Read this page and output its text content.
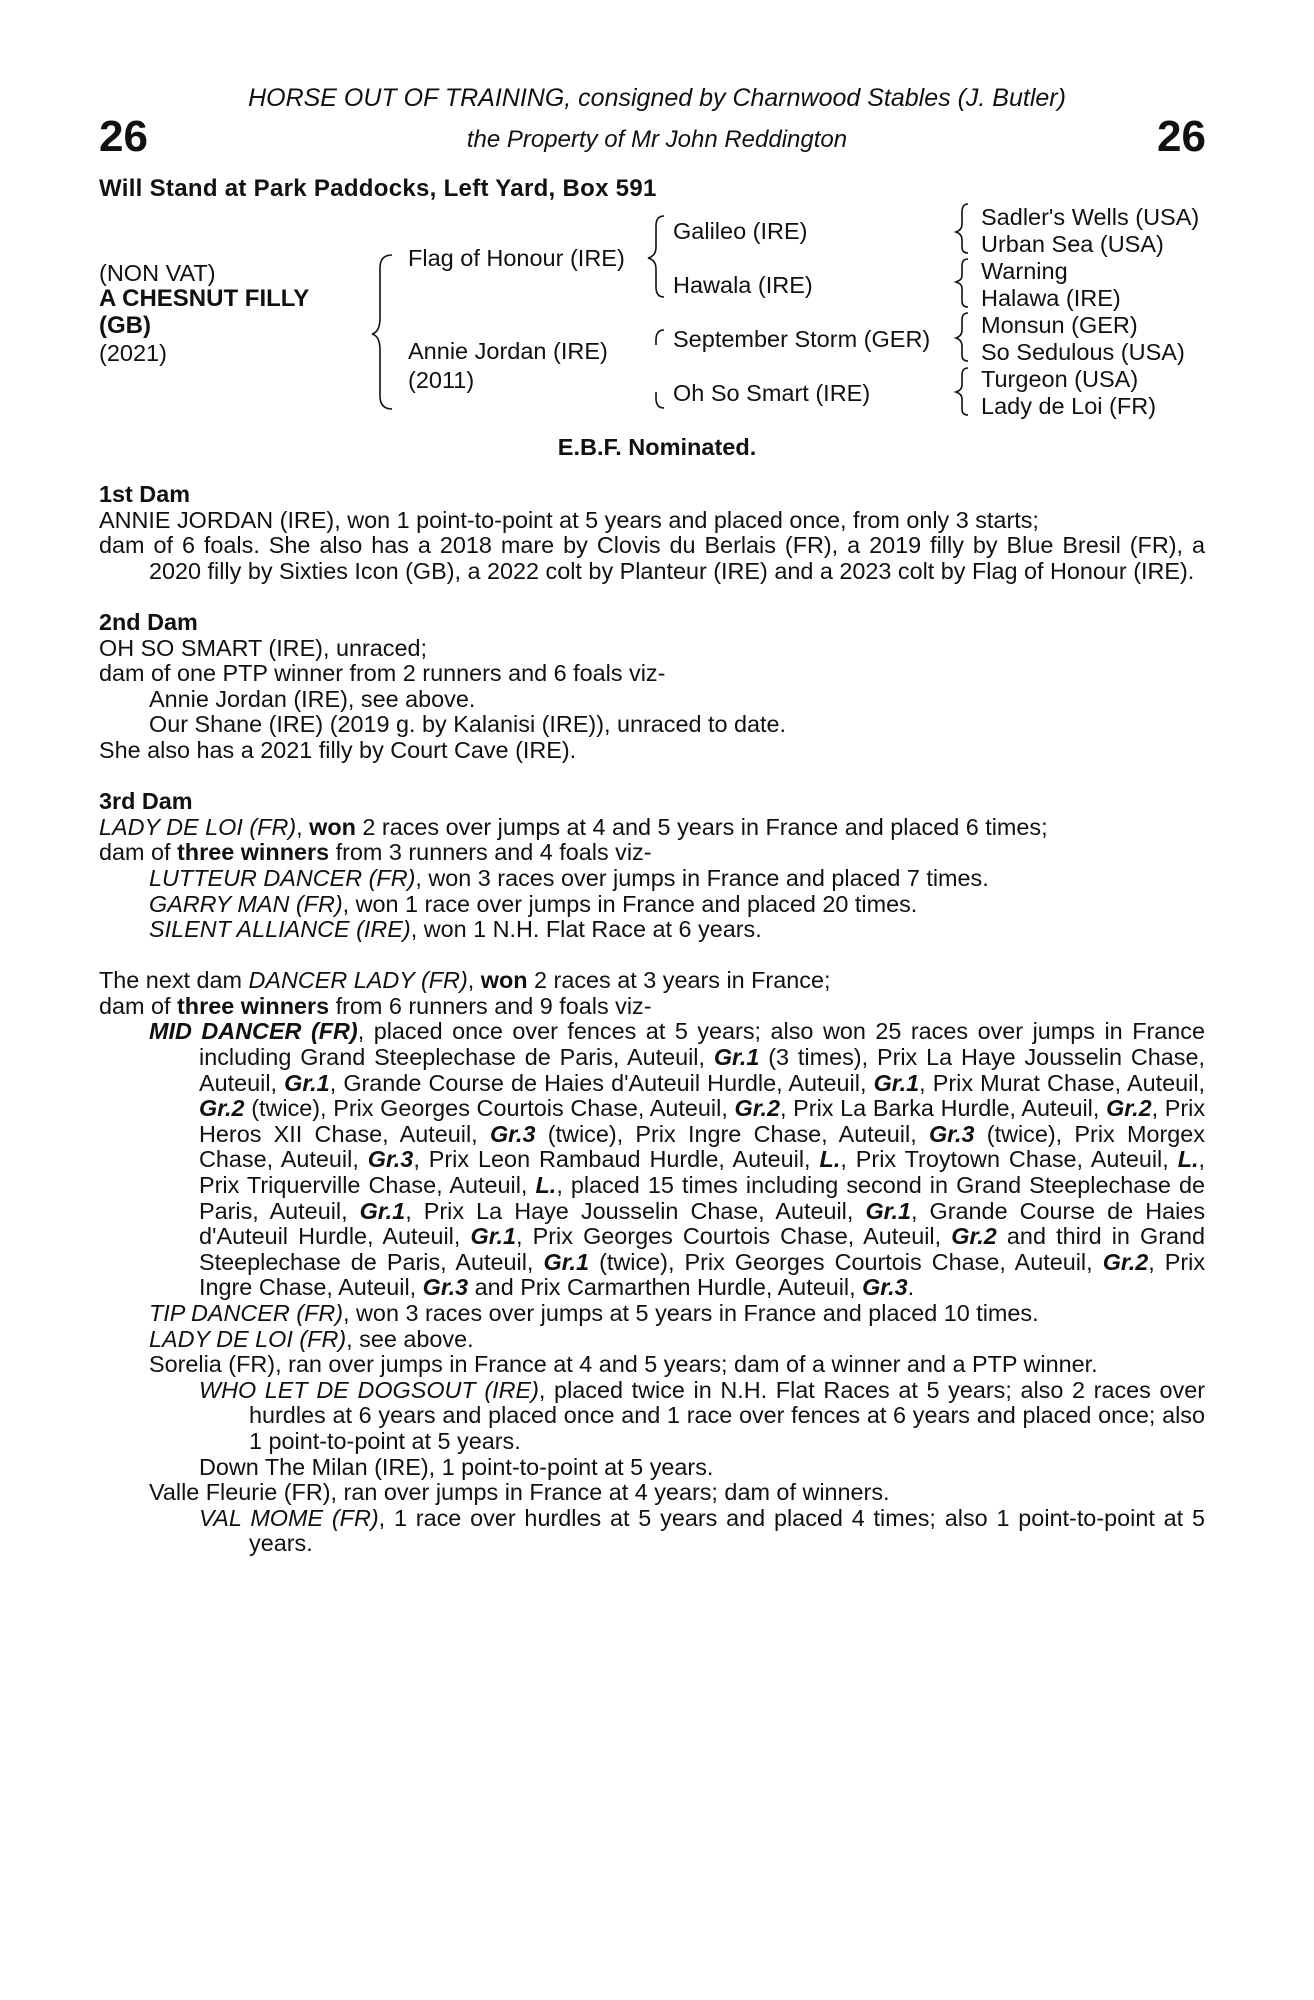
26	26
HORSE OUT OF TRAINING, consigned by Charnwood Stables (J. Butler)
the Property of Mr John Reddington
Will Stand at Park Paddocks, Left Yard, Box 591
(NON VAT)
A CHESNUT FILLY
(GB)
(2021)
Flag of Honour (IRE)
Annie Jordan (IRE)
(2011)
Galileo (IRE)
Hawala (IRE)
September Storm (GER)
Oh So Smart (IRE)
Sadler's Wells (USA)
Urban Sea (USA)
Warning
Halawa (IRE)
Monsun (GER)
So Sedulous (USA)
Turgeon (USA)
Lady de Loi (FR)
E.B.F. Nominated.
1st Dam
ANNIE JORDAN (IRE), won 1 point-to-point at 5 years and placed once, from only 3 starts;
dam of 6 foals. She also has a 2018 mare by Clovis du Berlais (FR), a 2019 filly by Blue Bresil (FR), a 2020 filly by Sixties Icon (GB), a 2022 colt by Planteur (IRE) and a 2023 colt by Flag of Honour (IRE).
2nd Dam
OH SO SMART (IRE), unraced;
dam of one PTP winner from 2 runners and 6 foals viz-
Annie Jordan (IRE), see above.
Our Shane (IRE) (2019 g. by Kalanisi (IRE)), unraced to date.
She also has a 2021 filly by Court Cave (IRE).
3rd Dam
LADY DE LOI (FR), won 2 races over jumps at 4 and 5 years in France and placed 6 times;
dam of three winners from 3 runners and 4 foals viz-
LUTTEUR DANCER (FR), won 3 races over jumps in France and placed 7 times.
GARRY MAN (FR), won 1 race over jumps in France and placed 20 times.
SILENT ALLIANCE (IRE), won 1 N.H. Flat Race at 6 years.
The next dam DANCER LADY (FR), won 2 races at 3 years in France;
dam of three winners from 6 runners and 9 foals viz-
MID DANCER (FR), placed once over fences at 5 years; also won 25 races over jumps in France including Grand Steeplechase de Paris, Auteuil, Gr.1 (3 times), Prix La Haye Jousselin Chase, Auteuil, Gr.1, Grande Course de Haies d'Auteuil Hurdle, Auteuil, Gr.1, Prix Murat Chase, Auteuil, Gr.2 (twice), Prix Georges Courtois Chase, Auteuil, Gr.2, Prix La Barka Hurdle, Auteuil, Gr.2, Prix Heros XII Chase, Auteuil, Gr.3 (twice), Prix Ingre Chase, Auteuil, Gr.3 (twice), Prix Morgex Chase, Auteuil, Gr.3, Prix Leon Rambaud Hurdle, Auteuil, L., Prix Troytown Chase, Auteuil, L., Prix Triquerville Chase, Auteuil, L., placed 15 times including second in Grand Steeplechase de Paris, Auteuil, Gr.1, Prix La Haye Jousselin Chase, Auteuil, Gr.1, Grande Course de Haies d'Auteuil Hurdle, Auteuil, Gr.1, Prix Georges Courtois Chase, Auteuil, Gr.2 and third in Grand Steeplechase de Paris, Auteuil, Gr.1 (twice), Prix Georges Courtois Chase, Auteuil, Gr.2, Prix Ingre Chase, Auteuil, Gr.3 and Prix Carmarthen Hurdle, Auteuil, Gr.3.
TIP DANCER (FR), won 3 races over jumps at 5 years in France and placed 10 times.
LADY DE LOI (FR), see above.
Sorelia (FR), ran over jumps in France at 4 and 5 years; dam of a winner and a PTP winner.
WHO LET DE DOGSOUT (IRE), placed twice in N.H. Flat Races at 5 years; also 2 races over hurdles at 6 years and placed once and 1 race over fences at 6 years and placed once; also 1 point-to-point at 5 years.
Down The Milan (IRE), 1 point-to-point at 5 years.
Valle Fleurie (FR), ran over jumps in France at 4 years; dam of winners.
VAL MOME (FR), 1 race over hurdles at 5 years and placed 4 times; also 1 point-to-point at 5 years.
